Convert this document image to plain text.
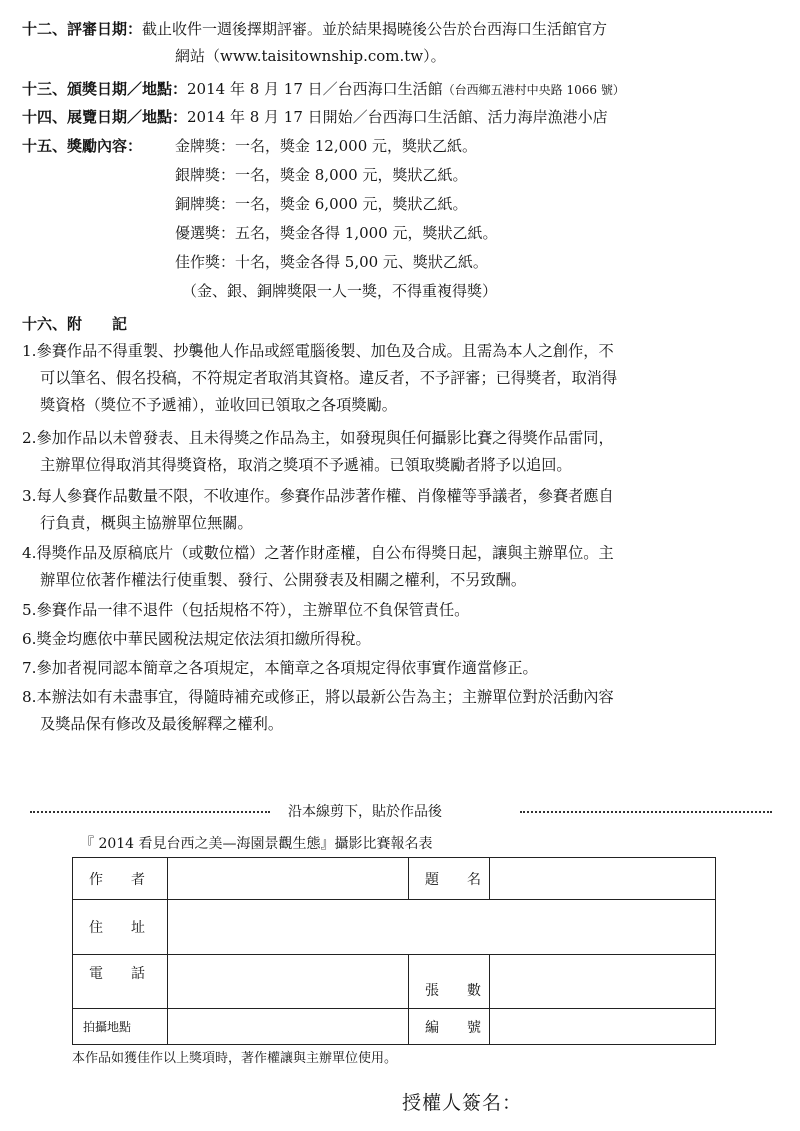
十二、評審日期：截止收件一週後擇期評審。並於結果揭曉後公告於台西海口生活館官方
網站（www.taisitownship.com.tw）。
十三、頒獎日期／地點：2014 年 8 月 17 日／台西海口生活館（台西鄉五港村中央路 1066 號）
十四、展覽日期／地點：2014 年 8 月 17 日開始／台西海口生活館、活力海岸漁港小店
十五、獎勵內容： 金牌獎：一名，獎金 12,000 元，獎狀乙紙。
銀牌獎：一名，獎金 8,000 元，獎狀乙紙。
銅牌獎：一名，獎金 6,000 元，獎狀乙紙。
優選獎：五名，獎金各得 1,000 元，獎狀乙紙。
佳作獎：十名，獎金各得 5,00 元、獎狀乙紙。
（金、銀、銅牌獎限一人一獎，不得重複得獎）
十六、附　　記
1.參賽作品不得重製、抄襲他人作品或經電腦後製、加色及合成。且需為本人之創作，不
可以筆名、假名投稿，不符規定者取消其資格。違反者，不予評審；已得獎者，取消得
獎資格（獎位不予遞補），並收回已領取之各項獎勵。
2.參加作品以未曾發表、且未得獎之作品為主，如發現與任何攝影比賽之得獎作品雷同，
主辦單位得取消其得獎資格，取消之獎項不予遞補。已領取獎勵者將予以追回。
3.每人參賽作品數量不限，不收連作。參賽作品涉著作權、肖像權等爭議者，參賽者應自
行負責，概與主協辦單位無關。
4.得獎作品及原稿底片（或數位檔）之著作財產權，自公布得獎日起，讓與主辦單位。主
辦單位依著作權法行使重製、發行、公開發表及相關之權利，不另致酬。
5.參賽作品一律不退件（包括規格不符），主辦單位不負保管責任。
6.獎金均應依中華民國稅法規定依法須扣繳所得稅。
7.參加者視同認本簡章之各項規定，本簡章之各項規定得依事實作適當修正。
8.本辦法如有未盡事宜，得隨時補充或修正，將以最新公告為主；主辦單位對於活動內容
及獎品保有修改及最後解釋之權利。
沿本線剪下，貼於作品後
『 2014 看見台西之美—海園景觀生態』攝影比賽報名表
作　　者		題　　名	
住　　址			
電　　話		張　　數	
拍攝地點		編　　號	
本作品如獲佳作以上獎項時，著作權讓與主辦單位使用。
授權人簽名：
